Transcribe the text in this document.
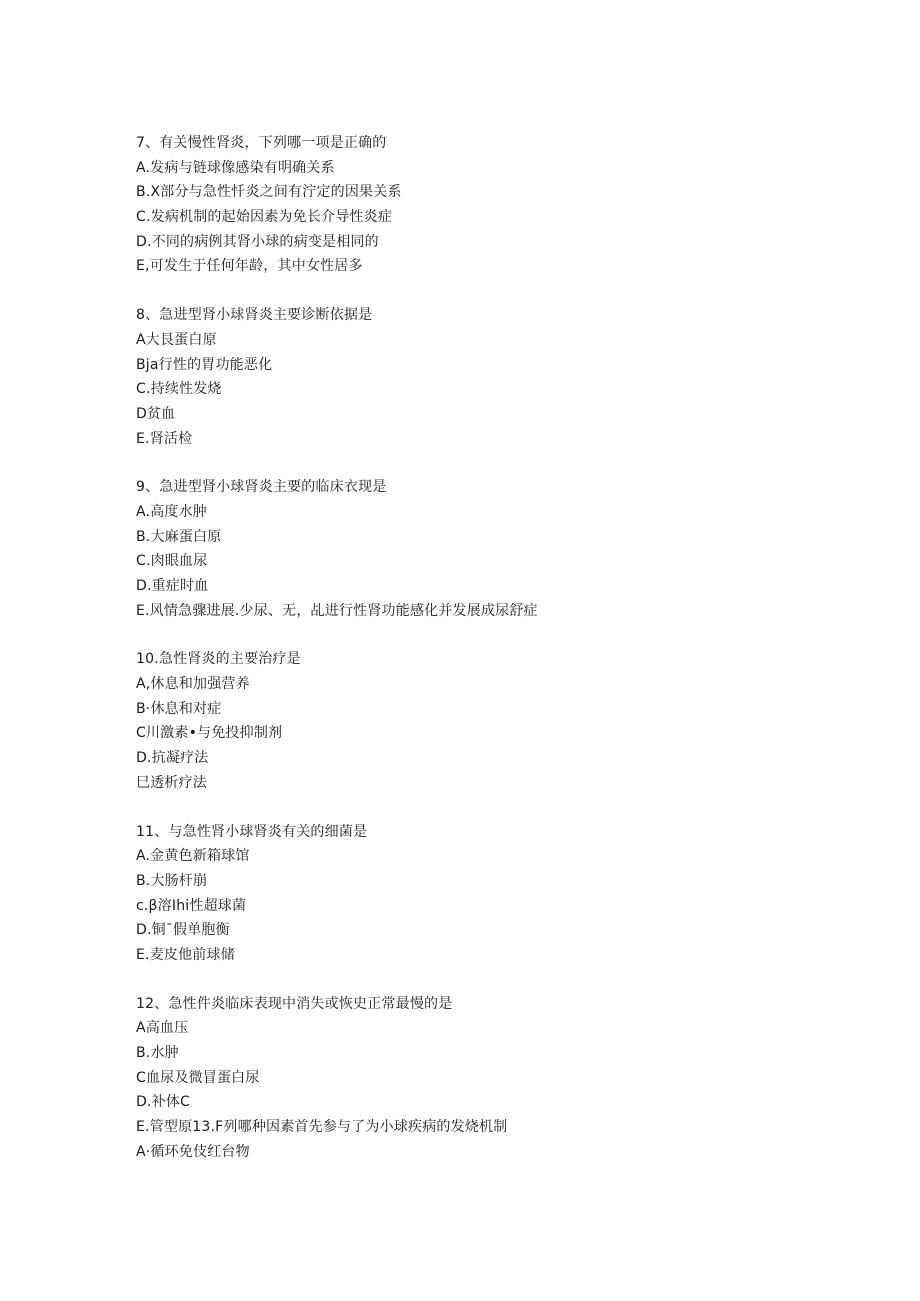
7、有关慢性肾炎，下列哪一项是正确的
A.发病与链球像感染有明确关系
B.X部分与急性忏炎之间有泞定的因果关系
C.发病机制的起始因素为免长介导性炎症
D.不同的病例其肾小球的病变是相同的
E,可发生于任何年龄，其中女性居多
8、急进型肾小球肾炎主要诊断依据是
A大艮蛋白原
Bja行性的胃功能恶化
C.持续性发烧
D贫血
E.肾活检
9、急进型肾小球肾炎主要的临床衣现是
A.高度水肿
B.大麻蛋白原
C.肉眼血尿
D.重症时血
E.风情急骤进展.少尿、无，乩进行性肾功能感化并发展成尿舒症
10.急性肾炎的主要治疗是
A,休息和加强营养
B·休息和对症
C川激素•与免投抑制剂
D.抗凝疗法
巳透析疗法
11、与急性肾小球肾炎有关的细菌是
A.金黄色新箱球馆
B.大肠杆崩
c.β溶Ihi性超球菌
D.铜ˉ假单胞衡
E.麦皮他前球储
12、急性件炎临床表现中消失或恢史正常最慢的是
A高血压
B.水肿
C血尿及微冒蛋白尿
D.补体C
E.管型原13.F列哪种因素首先参与了为小球疾病的发烧机制
A·循环免伎红台物
